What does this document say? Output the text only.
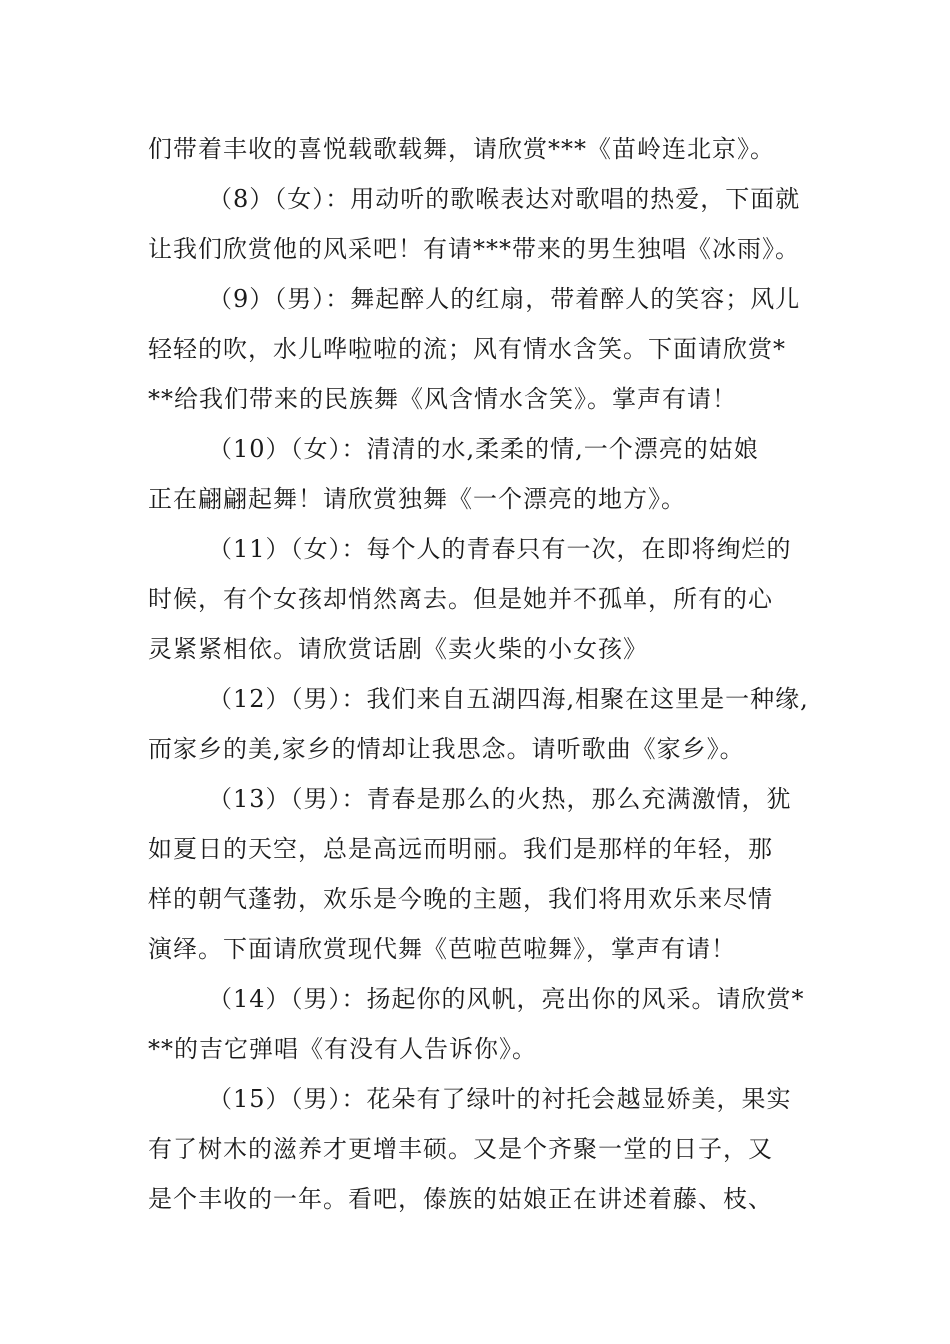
们带着丰收的喜悦载歌载舞，请欣赏***《苗岭连北京》。
（8）（女）：用动听的歌喉表达对歌唱的热爱，下面就
让我们欣赏他的风采吧！有请***带来的男生独唱《冰雨》。
（9）（男）：舞起醉人的红扇，带着醉人的笑容；风儿
轻轻的吹，水儿哗啦啦的流；风有情水含笑。下面请欣赏*
**给我们带来的民族舞《风含情水含笑》。掌声有请！
（10）（女）：清清的水,柔柔的情,一个漂亮的姑娘
正在翩翩起舞！请欣赏独舞《一个漂亮的地方》。
（11）（女）：每个人的青春只有一次，在即将绚烂的
时候，有个女孩却悄然离去。但是她并不孤单，所有的心
灵紧紧相依。请欣赏话剧《卖火柴的小女孩》
（12）（男）：我们来自五湖四海,相聚在这里是一种缘,
而家乡的美,家乡的情却让我思念。请听歌曲《家乡》。
（13）（男）：青春是那么的火热，那么充满激情，犹
如夏日的天空，总是高远而明丽。我们是那样的年轻，那
样的朝气蓬勃，欢乐是今晚的主题，我们将用欢乐来尽情
演绎。下面请欣赏现代舞《芭啦芭啦舞》，掌声有请！
（14）（男）：扬起你的风帆，亮出你的风采。请欣赏*
**的吉它弹唱《有没有人告诉你》。
（15）（男）：花朵有了绿叶的衬托会越显娇美，果实
有了树木的滋养才更增丰硕。又是个齐聚一堂的日子，又
是个丰收的一年。看吧，傣族的姑娘正在讲述着藤、枝、
